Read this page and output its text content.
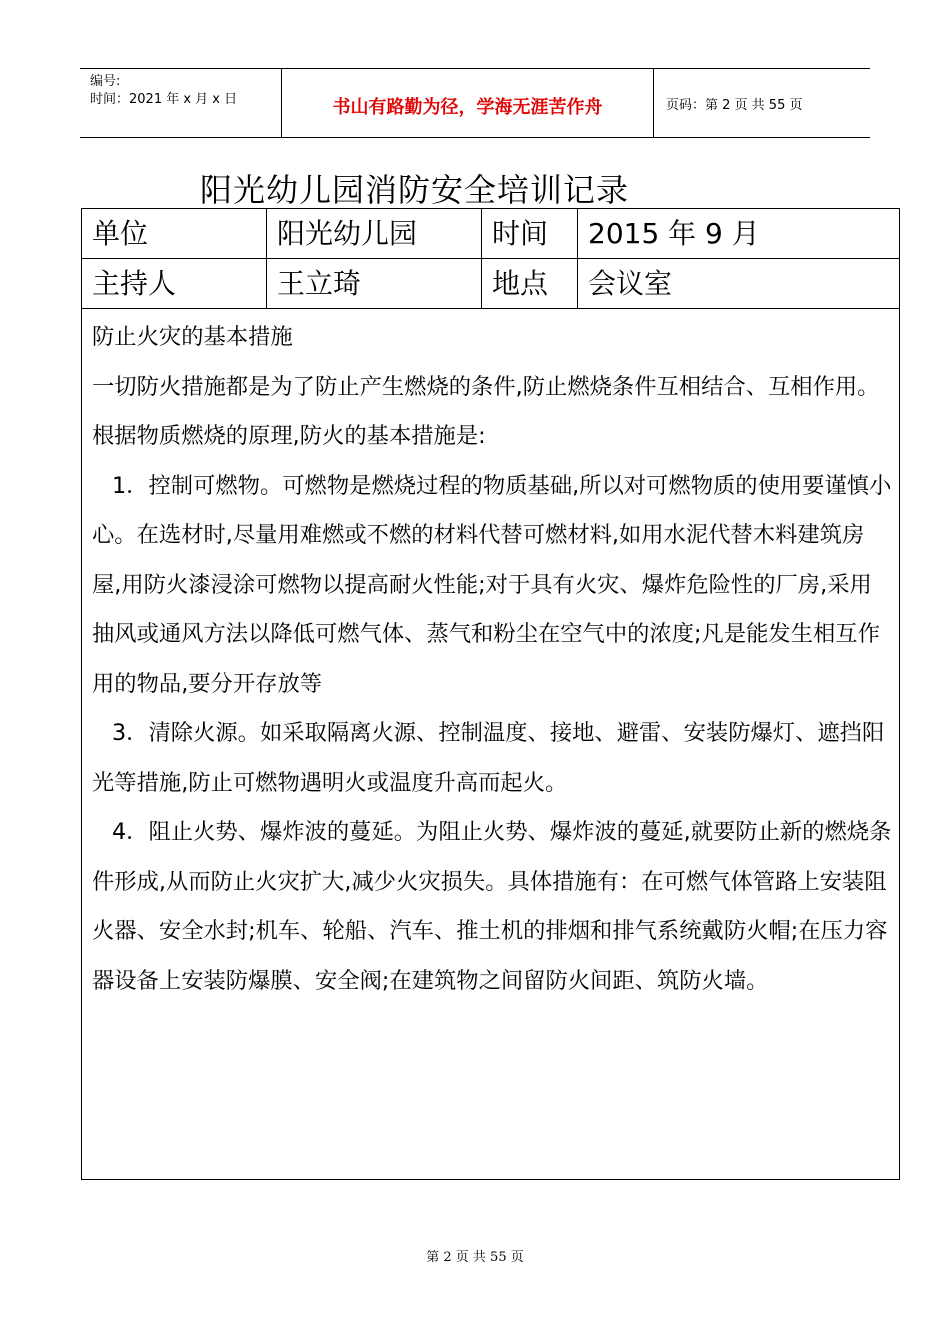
编号:
时间：2021 年 x 月 x 日	书山有路勤为径，学海无涯苦作舟	页码：第 2 页 共 55 页
阳光幼儿园消防安全培训记录
单位	阳光幼儿园	时间	2015 年 9 月
主持人	王立琦	地点	会议室

防止火灾的基本措施

一切防火措施都是为了防止产生燃烧的条件,防止燃烧条件互相结合、互相作用。根据物质燃烧的原理,防火的基本措施是:

1．控制可燃物。可燃物是燃烧过程的物质基础,所以对可燃物质的使用要谨慎小心。在选材时,尽量用难燃或不燃的材料代替可燃材料,如用水泥代替木料建筑房屋,用防火漆浸涂可燃物以提高耐火性能;对于具有火灾、爆炸危险性的厂房,采用抽风或通风方法以降低可燃气体、蒸气和粉尘在空气中的浓度;凡是能发生相互作用的物品,要分开存放等

3．清除火源。如采取隔离火源、控制温度、接地、避雷、安装防爆灯、遮挡阳光等措施,防止可燃物遇明火或温度升高而起火。

4．阻止火势、爆炸波的蔓延。为阻止火势、爆炸波的蔓延,就要防止新的燃烧条件形成,从而防止火灾扩大,减少火灾损失。具体措施有：在可燃气体管路上安装阻火器、安全水封;机车、轮船、汽车、推土机的排烟和排气系统戴防火帽;在压力容器设备上安装防爆膜、安全阀;在建筑物之间留防火间距、筑防火墙。

第 2 页 共 55 页
